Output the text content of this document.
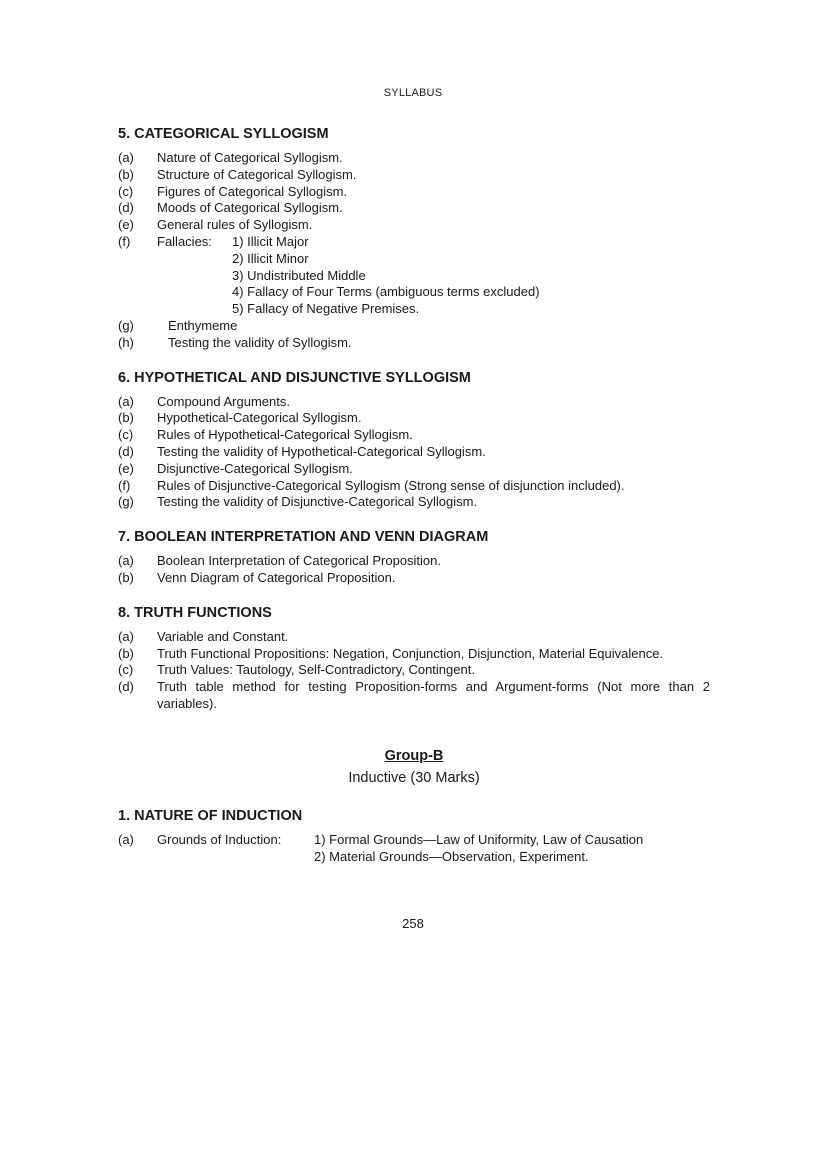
SYLLABUS
5. CATEGORICAL SYLLOGISM
(a)	Nature of Categorical Syllogism.
(b)	Structure of Categorical Syllogism.
(c)	Figures of Categorical Syllogism.
(d)	Moods of Categorical Syllogism.
(e)	General rules of Syllogism.
(f)	Fallacies:	1) Illicit Major
2) Illicit Minor
3) Undistributed Middle
4) Fallacy of Four Terms (ambiguous terms excluded)
5) Fallacy of Negative Premises.
(g)	Enthymeme
(h)	Testing the validity of Syllogism.
6. HYPOTHETICAL AND DISJUNCTIVE SYLLOGISM
(a)	Compound Arguments.
(b)	Hypothetical-Categorical Syllogism.
(c)	Rules of Hypothetical-Categorical Syllogism.
(d)	Testing the validity of Hypothetical-Categorical Syllogism.
(e)	Disjunctive-Categorical Syllogism.
(f)	Rules of Disjunctive-Categorical Syllogism (Strong sense of disjunction included).
(g)	Testing the validity of Disjunctive-Categorical Syllogism.
7. BOOLEAN INTERPRETATION AND VENN DIAGRAM
(a)	Boolean Interpretation of Categorical Proposition.
(b)	Venn Diagram of Categorical Proposition.
8. TRUTH FUNCTIONS
(a)	Variable and Constant.
(b)	Truth Functional Propositions: Negation, Conjunction, Disjunction, Material Equivalence.
(c)	Truth Values: Tautology, Self-Contradictory, Contingent.
(d)	Truth table method for testing Proposition-forms and Argument-forms (Not more than 2 variables).
Group-B
Inductive (30 Marks)
1. NATURE OF INDUCTION
(a)	Grounds of Induction:	1) Formal Grounds—Law of Uniformity, Law of Causation
2) Material Grounds—Observation, Experiment.
258
